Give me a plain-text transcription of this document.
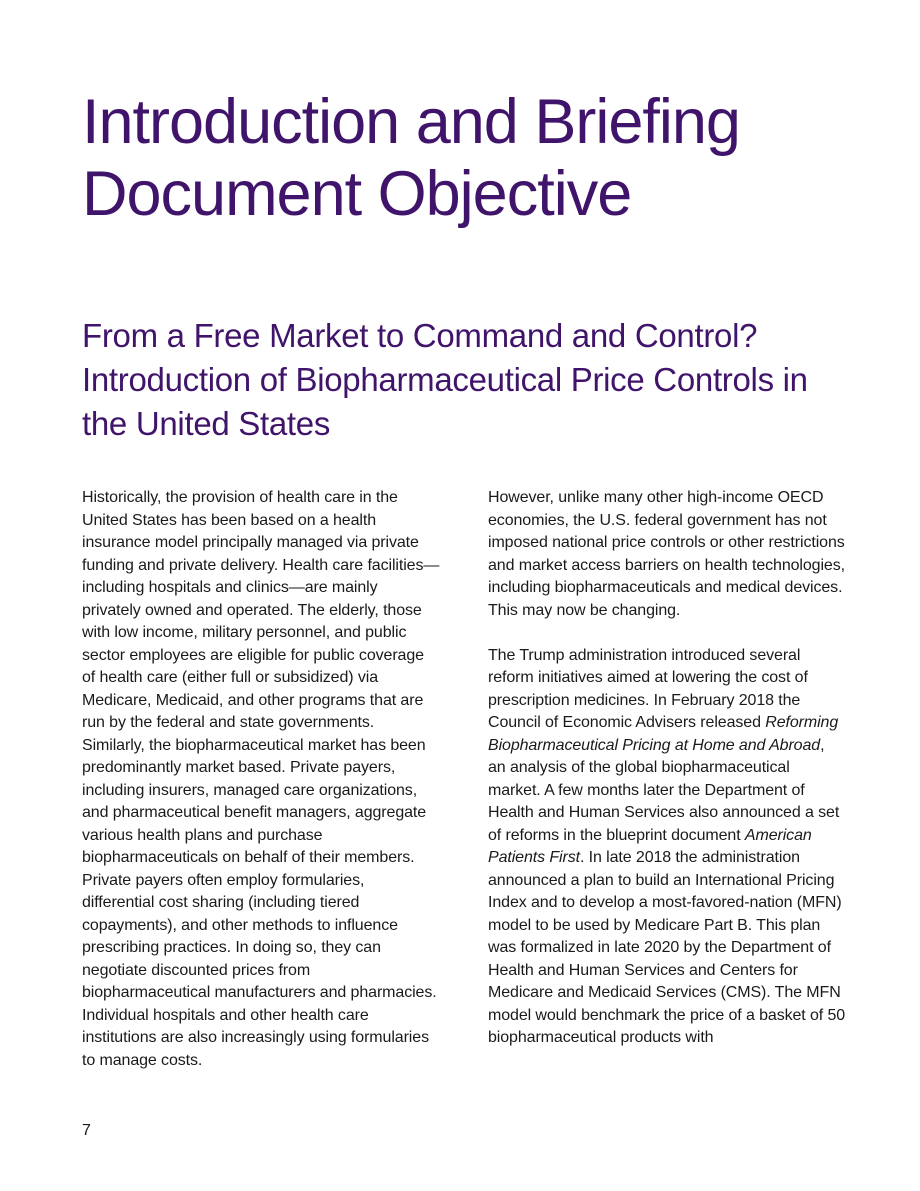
Introduction and Briefing Document Objective
From a Free Market to Command and Control? Introduction of Biopharmaceutical Price Controls in the United States

Historically, the provision of health care in the United States has been based on a health insurance model principally managed via private funding and private delivery. Health care facilities—including hospitals and clinics—are mainly privately owned and operated. The elderly, those with low income, military personnel, and public sector employees are eligible for public coverage of health care (either full or subsidized) via Medicare, Medicaid, and other programs that are run by the federal and state governments. Similarly, the biopharmaceutical market has been predominantly market based. Private payers, including insurers, managed care organizations, and pharmaceutical benefit managers, aggregate various health plans and purchase biopharmaceuticals on behalf of their members. Private payers often employ formularies, differential cost sharing (including tiered copayments), and other methods to influence prescribing practices. In doing so, they can negotiate discounted prices from biopharmaceutical manufacturers and pharmacies. Individual hospitals and other health care institutions are also increasingly using formularies to manage costs.

However, unlike many other high-income OECD economies, the U.S. federal government has not imposed national price controls or other restrictions and market access barriers on health technologies, including biopharmaceuticals and medical devices. This may now be changing.

The Trump administration introduced several reform initiatives aimed at lowering the cost of prescription medicines. In February 2018 the Council of Economic Advisers released Reforming Biopharmaceutical Pricing at Home and Abroad, an analysis of the global biopharmaceutical market. A few months later the Department of Health and Human Services also announced a set of reforms in the blueprint document American Patients First. In late 2018 the administration announced a plan to build an International Pricing Index and to develop a most-favored-nation (MFN) model to be used by Medicare Part B. This plan was formalized in late 2020 by the Department of Health and Human Services and Centers for Medicare and Medicaid Services (CMS). The MFN model would benchmark the price of a basket of 50 biopharmaceutical products with

7
